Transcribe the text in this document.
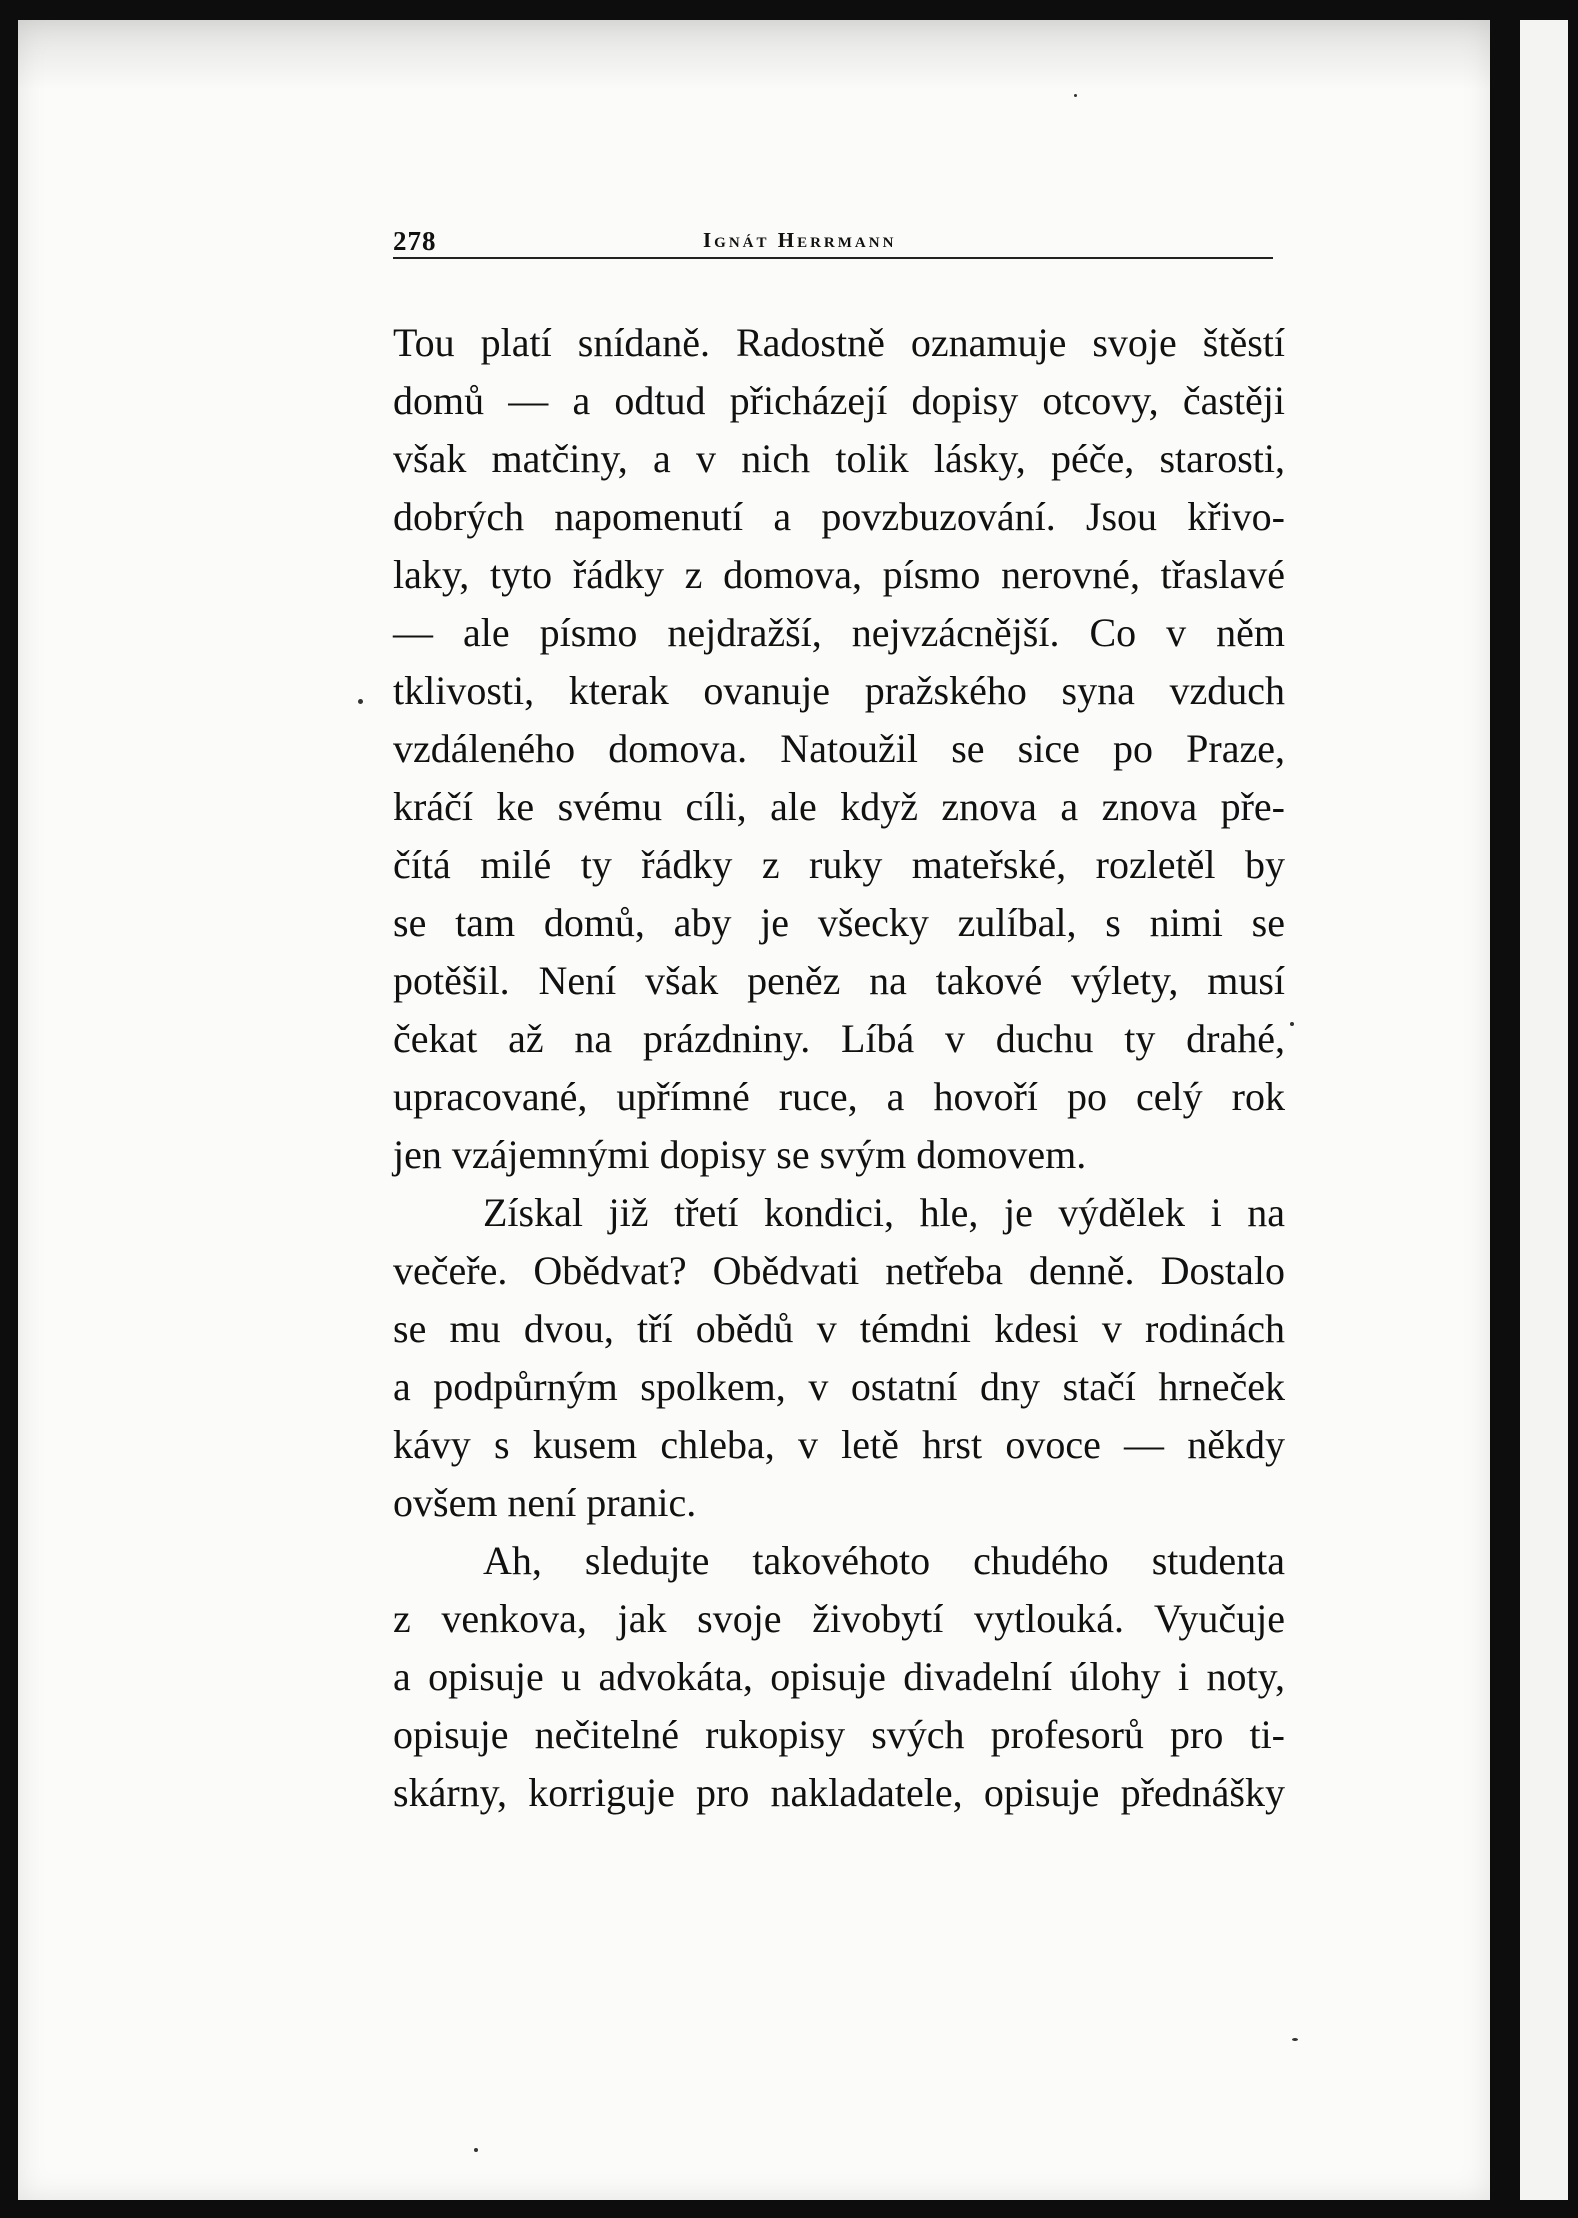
278	Ignát Herrmann
Tou platí snídaně. Radostně oznamuje svoje štěstí
domů — a odtud přicházejí dopisy otcovy, častěji
však matčiny, a v nich tolik lásky, péče, starosti,
dobrých napomenutí a povzbuzování. Jsou křivo-
laky, tyto řádky z domova, písmo nerovné, třaslavé
— ale písmo nejdražší, nejvzácnější. Co v něm
tklivosti, kterak ovanuje pražského syna vzduch
vzdáleného domova. Natoužil se sice po Praze,
kráčí ke svému cíli, ale když znova a znova pře-
čítá milé ty řádky z ruky mateřské, rozletěl by
se tam domů, aby je všecky zulíbal, s nimi se
potěšil. Není však peněz na takové výlety, musí
čekat až na prázdniny. Líbá v duchu ty drahé,
upracované, upřímné ruce, a hovoří po celý rok
jen vzájemnými dopisy se svým domovem.
Získal již třetí kondici, hle, je výdělek i na
večeře. Obědvat? Obědvati netřeba denně. Dostalo
se mu dvou, tří obědů v témdni kdesi v rodinách
a podpůrným spolkem, v ostatní dny stačí hrneček
kávy s kusem chleba, v letě hrst ovoce — někdy
ovšem není pranic.
Ah, sledujte takovéhoto chudého studenta
z venkova, jak svoje živobytí vytlouká. Vyučuje
a opisuje u advokáta, opisuje divadelní úlohy i noty,
opisuje nečitelné rukopisy svých profesorů pro ti-
skárny, korriguje pro nakladatele, opisuje přednášky
